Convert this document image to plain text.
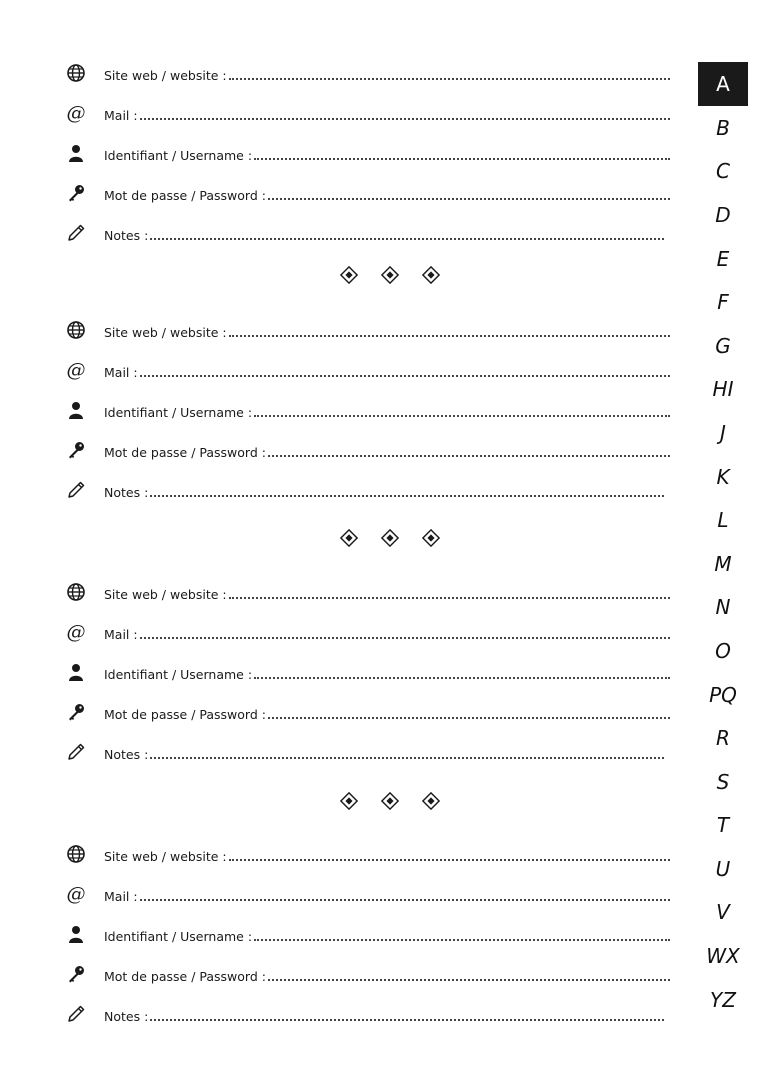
Site web / website :
@ Mail :
Identifiant / Username :
Mot de passe / Password :
Notes :
Site web / website :
@ Mail :
Identifiant / Username :
Mot de passe / Password :
Notes :
Site web / website :
@ Mail :
Identifiant / Username :
Mot de passe / Password :
Notes :
Site web / website :
@ Mail :
Identifiant / Username :
Mot de passe / Password :
Notes :
A
B
C
D
E
F
G
HI
J
K
L
M
N
O
PQ
R
S
T
U
V
WX
YZ
